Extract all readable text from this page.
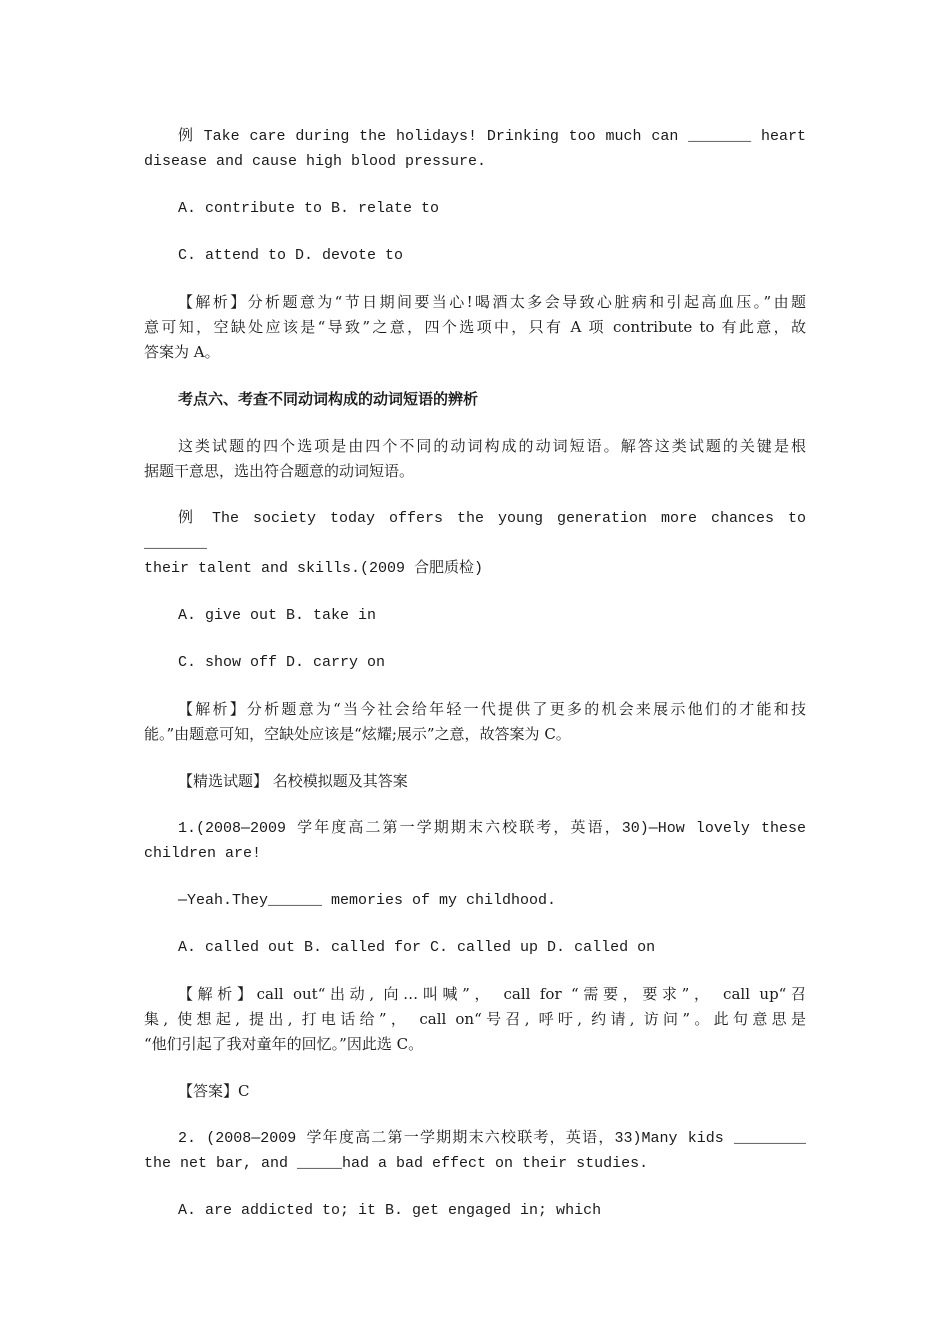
例 Take care during the holidays! Drinking too much can _______ heart

disease and cause high blood pressure.

A. contribute to B. relate to

C. attend to D. devote to

【解析】分析题意为“节日期间要当心!喝酒太多会导致心脏病和引起高血压。”由题

意可知，空缺处应该是“导致”之意，四个选项中，只有 A 项 contribute to 有此意，故

答案为 A。

考点六、考查不同动词构成的动词短语的辨析

这类试题的四个选项是由四个不同的动词构成的动词短语。解答这类试题的关键是根

据题干意思，选出符合题意的动词短语。

例 The society today offers the young generation more chances to _______

their talent and skills.(2009 合肥质检)

A. give out B. take in

C. show off D. carry on

【解析】分析题意为“当今社会给年轻一代提供了更多的机会来展示他们的才能和技

能。”由题意可知，空缺处应该是“炫耀;展示”之意，故答案为 C。

【精选试题】 名校模拟题及其答案

1.(2008—2009 学年度高二第一学期期末六校联考，英语，30)—How lovely these

children are!

—Yeah.They______ memories of my childhood.

A. called out B. called for C. called up D. called on

【解析】call out“出动, 向…叫喊”， call for “需要，要求”， call up“召

集, 使想起, 提出, 打电话给”， call on“号召, 呼吁, 约请, 访问”。此句意思是

“他们引起了我对童年的回忆。”因此选 C。

【答案】C

2. (2008—2009 学年度高二第一学期期末六校联考，英语，33)Many kids ________

the net bar, and _____had a bad effect on their studies.

A. are addicted to; it B. get engaged in; which
